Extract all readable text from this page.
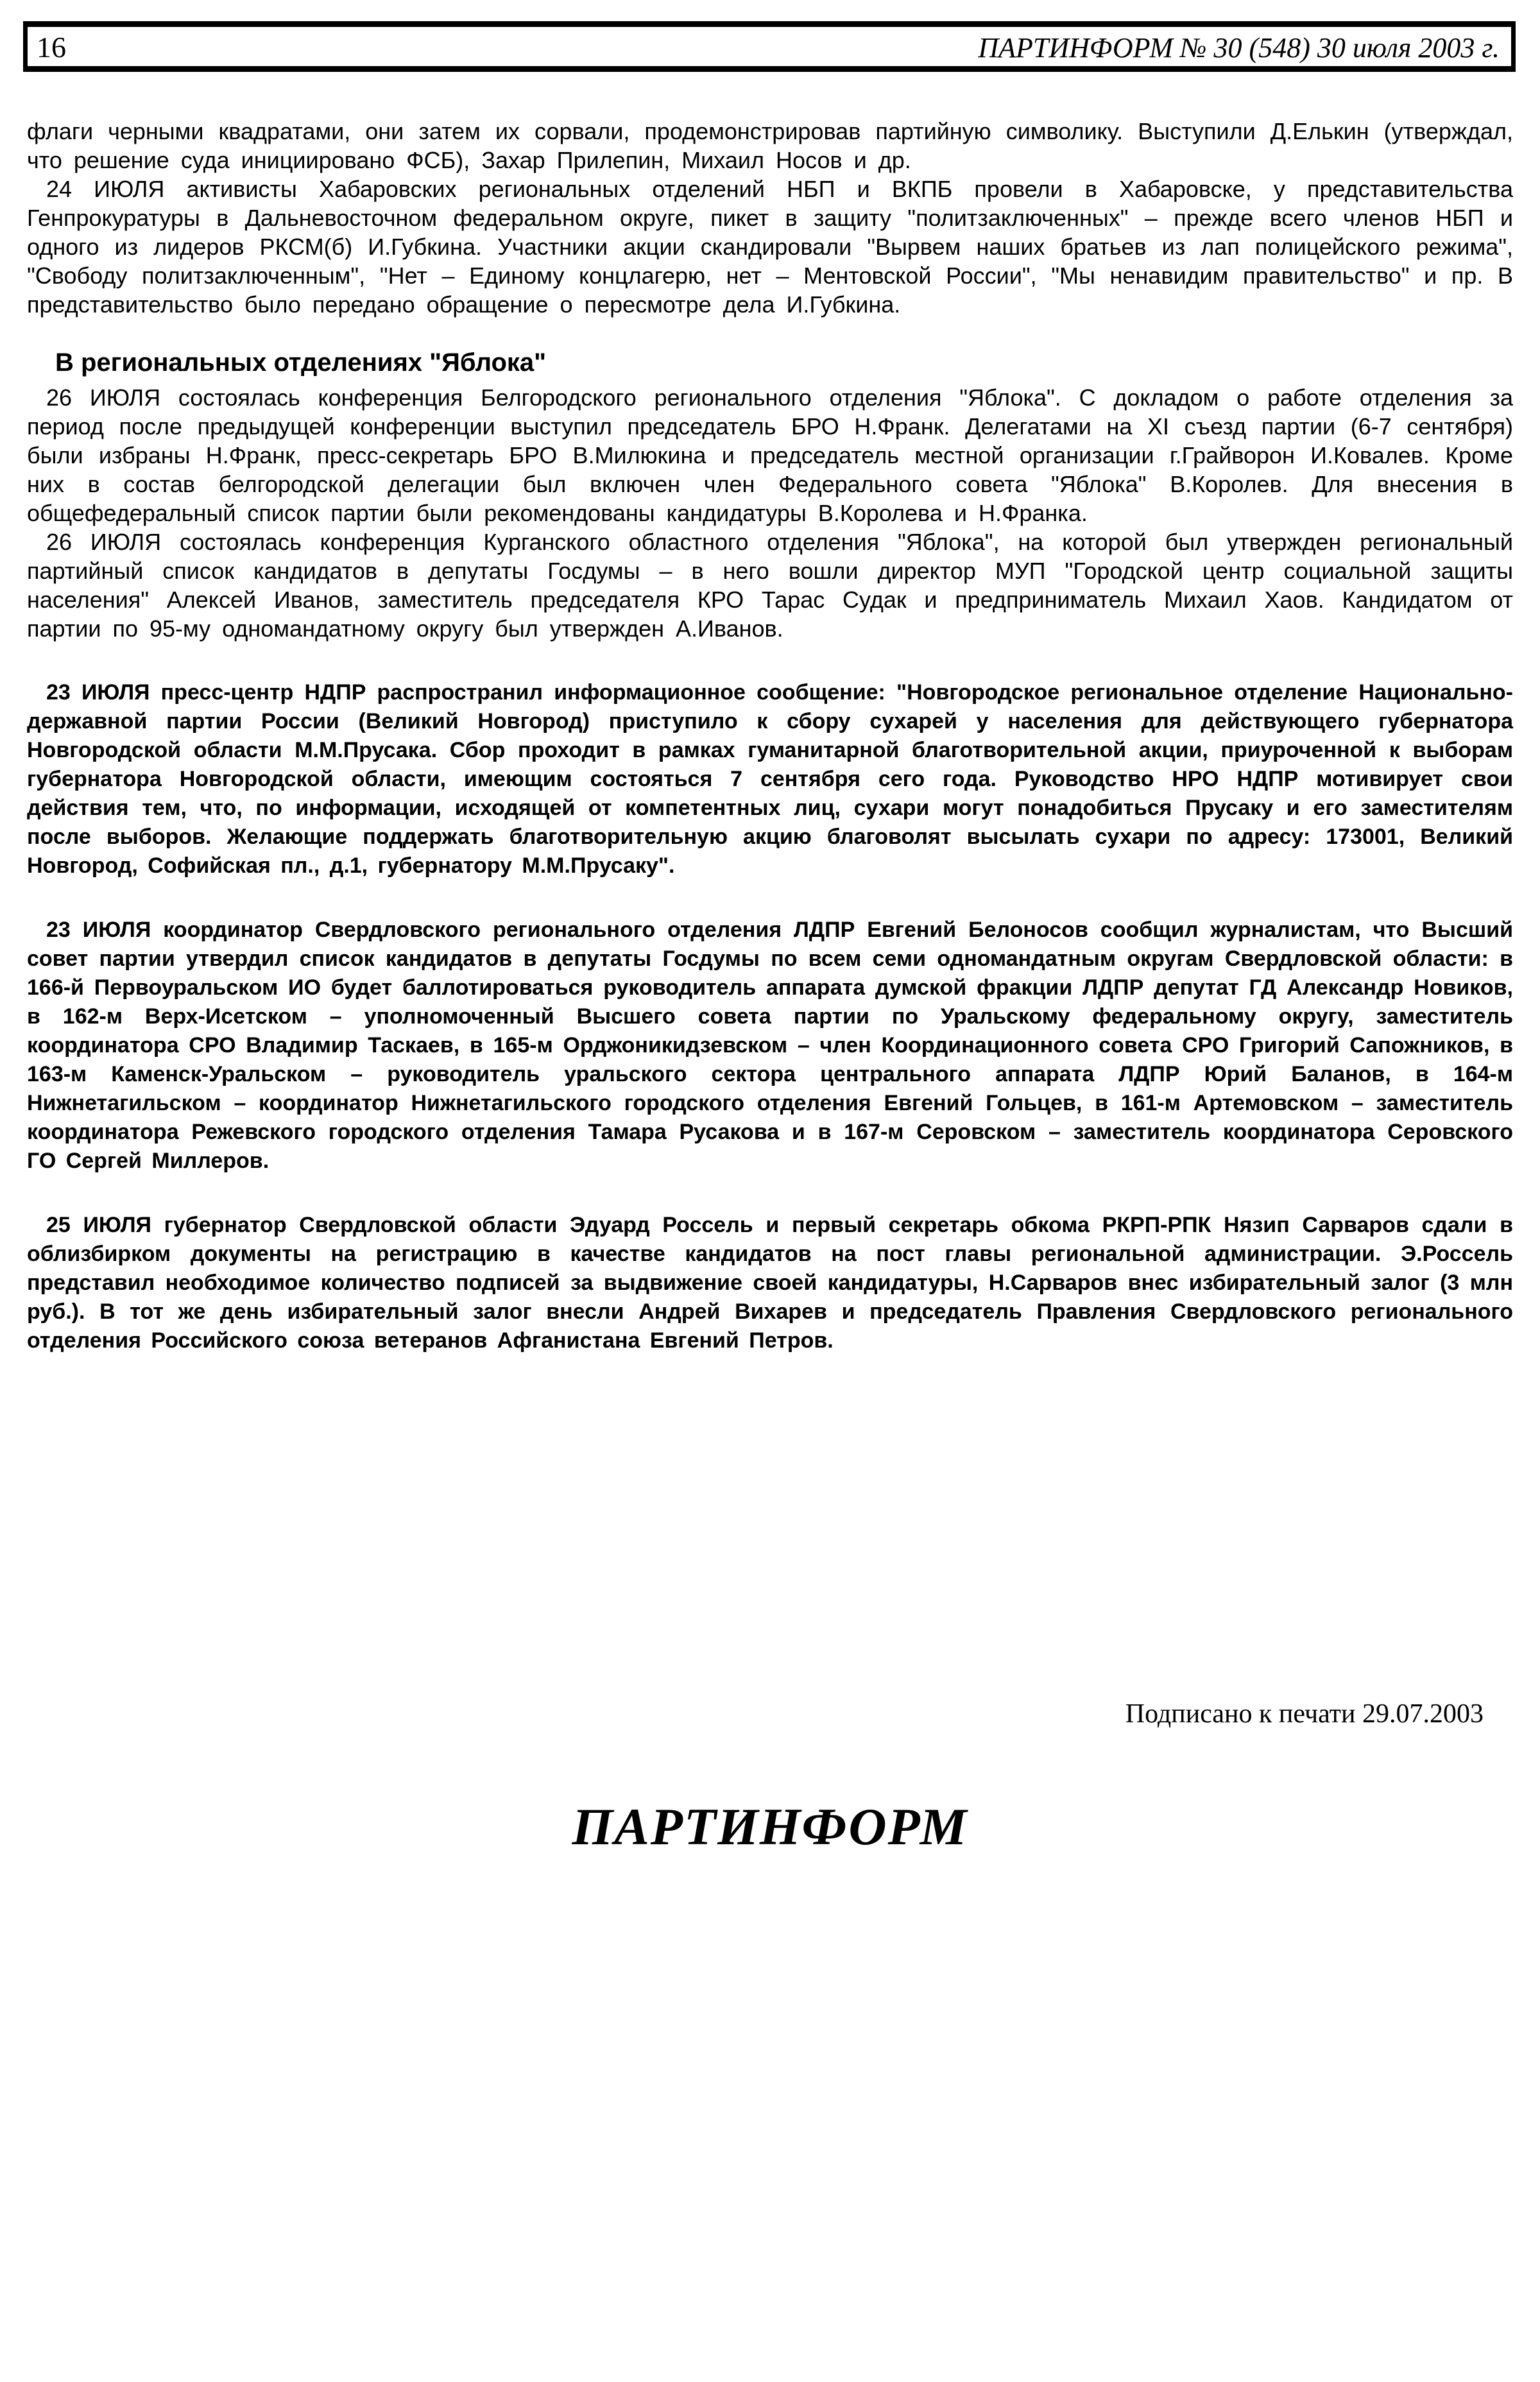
16	ПАРТИНФОРМ № 30 (548) 30 июля 2003 г.

флаги черными квадратами, они затем их сорвали, продемонстрировав партийную символику. Выступили Д.Елькин (утверждал, что решение суда инициировано ФСБ), Захар Прилепин, Михаил Носов и др.

24 ИЮЛЯ активисты Хабаровских региональных отделений НБП и ВКПБ провели в Хабаровске, у представительства Генпрокуратуры в Дальневосточном федеральном округе, пикет в защиту "политзаключенных" – прежде всего членов НБП и одного из лидеров РКСМ(б) И.Губкина. Участники акции скандировали "Вырвем наших братьев из лап полицейского режима", "Свободу политзаключенным", "Нет – Единому концлагерю, нет – Ментовской России", "Мы ненавидим правительство" и пр. В представительство было передано обращение о пересмотре дела И.Губкина.

В региональных отделениях "Яблока"

26 ИЮЛЯ состоялась конференция Белгородского регионального отделения "Яблока". С докладом о работе отделения за период после предыдущей конференции выступил председатель БРО Н.Франк. Делегатами на XI съезд партии (6-7 сентября) были избраны Н.Франк, пресс-секретарь БРО В.Милюкина и председатель местной организации г.Грайворон И.Ковалев. Кроме них в состав белгородской делегации был включен член Федерального совета "Яблока" В.Королев. Для внесения в общефедеральный список партии были рекомендованы кандидатуры В.Королева и Н.Франка.

26 ИЮЛЯ состоялась конференция Курганского областного отделения "Яблока", на которой был утвержден региональный партийный список кандидатов в депутаты Госдумы – в него вошли директор МУП "Городской центр социальной защиты населения" Алексей Иванов, заместитель председателя КРО Тарас Судак и предприниматель Михаил Хаов. Кандидатом от партии по 95-му одномандатному округу был утвержден А.Иванов.

23 ИЮЛЯ пресс-центр НДПР распространил информационное сообщение: "Новгородское региональное отделение Национально-державной партии России (Великий Новгород) приступило к сбору сухарей у населения для действующего губернатора Новгородской области М.М.Прусака. Сбор проходит в рамках гуманитарной благотворительной акции, приуроченной к выборам губернатора Новгородской области, имеющим состояться 7 сентября сего года. Руководство НРО НДПР мотивирует свои действия тем, что, по информации, исходящей от компетентных лиц, сухари могут понадобиться Прусаку и его заместителям после выборов. Желающие поддержать благотворительную акцию благоволят высылать сухари по адресу: 173001, Великий Новгород, Софийская пл., д.1, губернатору М.М.Прусаку".

23 ИЮЛЯ координатор Свердловского регионального отделения ЛДПР Евгений Белоносов сообщил журналистам, что Высший совет партии утвердил список кандидатов в депутаты Госдумы по всем семи одномандатным округам Свердловской области: в 166-й Первоуральском ИО будет баллотироваться руководитель аппарата думской фракции ЛДПР депутат ГД Александр Новиков, в 162-м Верх-Исетском – уполномоченный Высшего совета партии по Уральскому федеральному округу, заместитель координатора СРО Владимир Таскаев, в 165-м Орджоникидзевском – член Координационного совета СРО Григорий Сапожников, в 163-м Каменск-Уральском – руководитель уральского сектора центрального аппарата ЛДПР Юрий Баланов, в 164-м Нижнетагильском – координатор Нижнетагильского городского отделения Евгений Гольцев, в 161-м Артемовском – заместитель координатора Режевского городского отделения Тамара Русакова и в 167-м Серовском – заместитель координатора Серовского ГО Сергей Миллеров.

25 ИЮЛЯ губернатор Свердловской области Эдуард Россель и первый секретарь обкома РКРП-РПК Нязип Сарваров сдали в облизбирком документы на регистрацию в качестве кандидатов на пост главы региональной администрации. Э.Россель представил необходимое количество подписей за выдвижение своей кандидатуры, Н.Сарваров внес избирательный залог (3 млн руб.). В тот же день избирательный залог внесли Андрей Вихарев и председатель Правления Свердловского регионального отделения Российского союза ветеранов Афганистана Евгений Петров.

Подписано к печати 29.07.2003
ПАРТИНФОРМ
